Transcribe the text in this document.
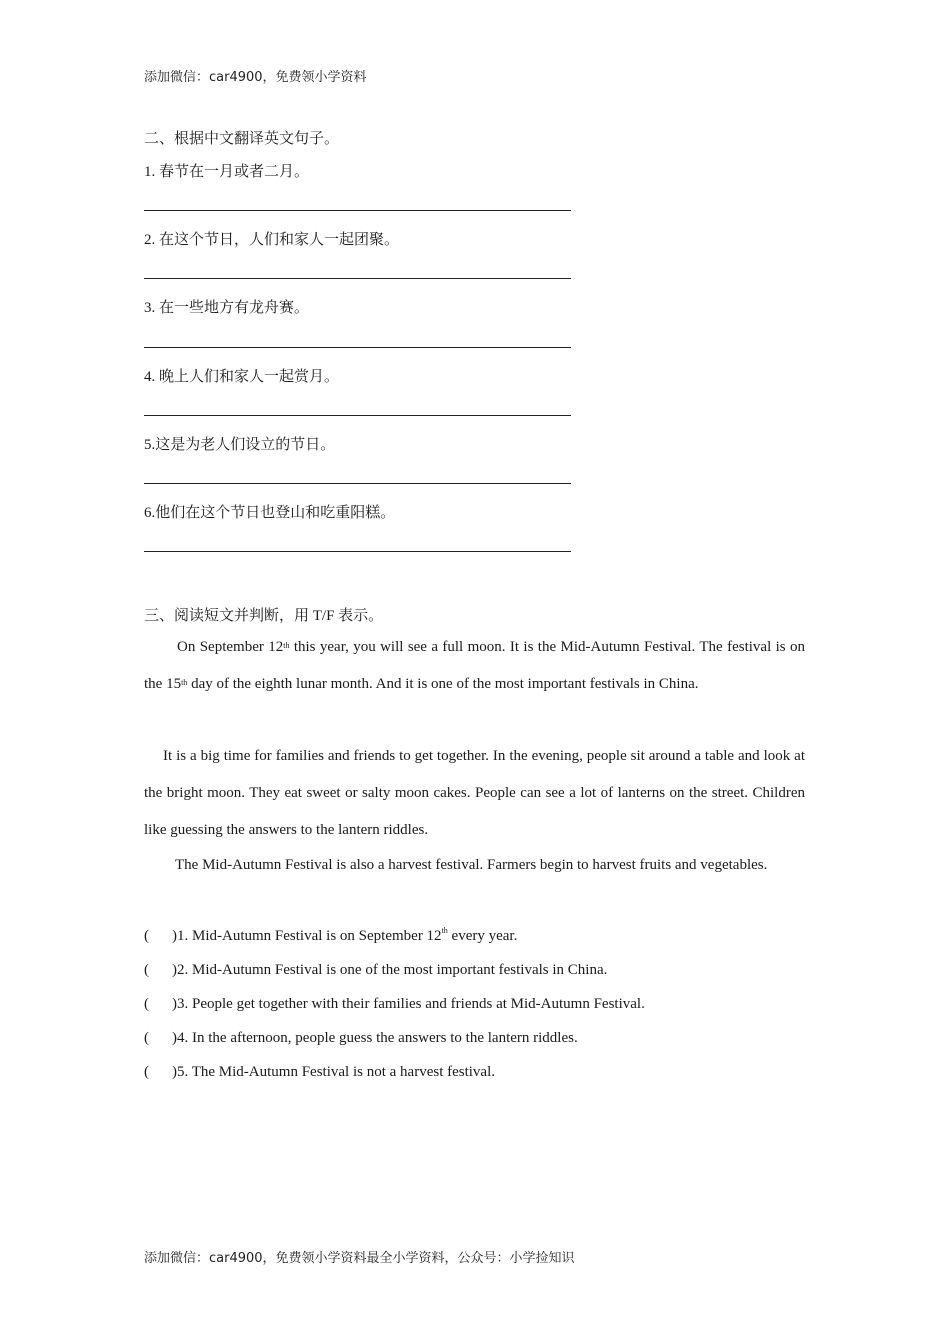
添加微信：car4900，免费领小学资料
二、根据中文翻译英文句子。
1. 春节在一月或者二月。
2. 在这个节日，人们和家人一起团聚。
3. 在一些地方有龙舟赛。
4. 晚上人们和家人一起赏月。
5.这是为老人们设立的节日。
6.他们在这个节日也登山和吃重阳糕。
三、阅读短文并判断，用 T/F 表示。

On September 12th this year, you will see a full moon. It is the Mid-Autumn Festival. The festival is on the 15th day of the eighth lunar month. And it is one of the most important festivals in China.

It is a big time for families and friends to get together. In the evening, people sit around a table and look at the bright moon. They eat sweet or salty moon cakes. People can see a lot of lanterns on the street. Children like guessing the answers to the lantern riddles.

The Mid-Autumn Festival is also a harvest festival. Farmers begin to harvest fruits and vegetables.

( )1. Mid-Autumn Festival is on September 12th every year.
( )2. Mid-Autumn Festival is one of the most important festivals in China.
( )3. People get together with their families and friends at Mid-Autumn Festival.
( )4. In the afternoon, people guess the answers to the lantern riddles.
( )5. The Mid-Autumn Festival is not a harvest festival.
添加微信：car4900，免费领小学资料最全小学资料，公众号：小学捡知识
